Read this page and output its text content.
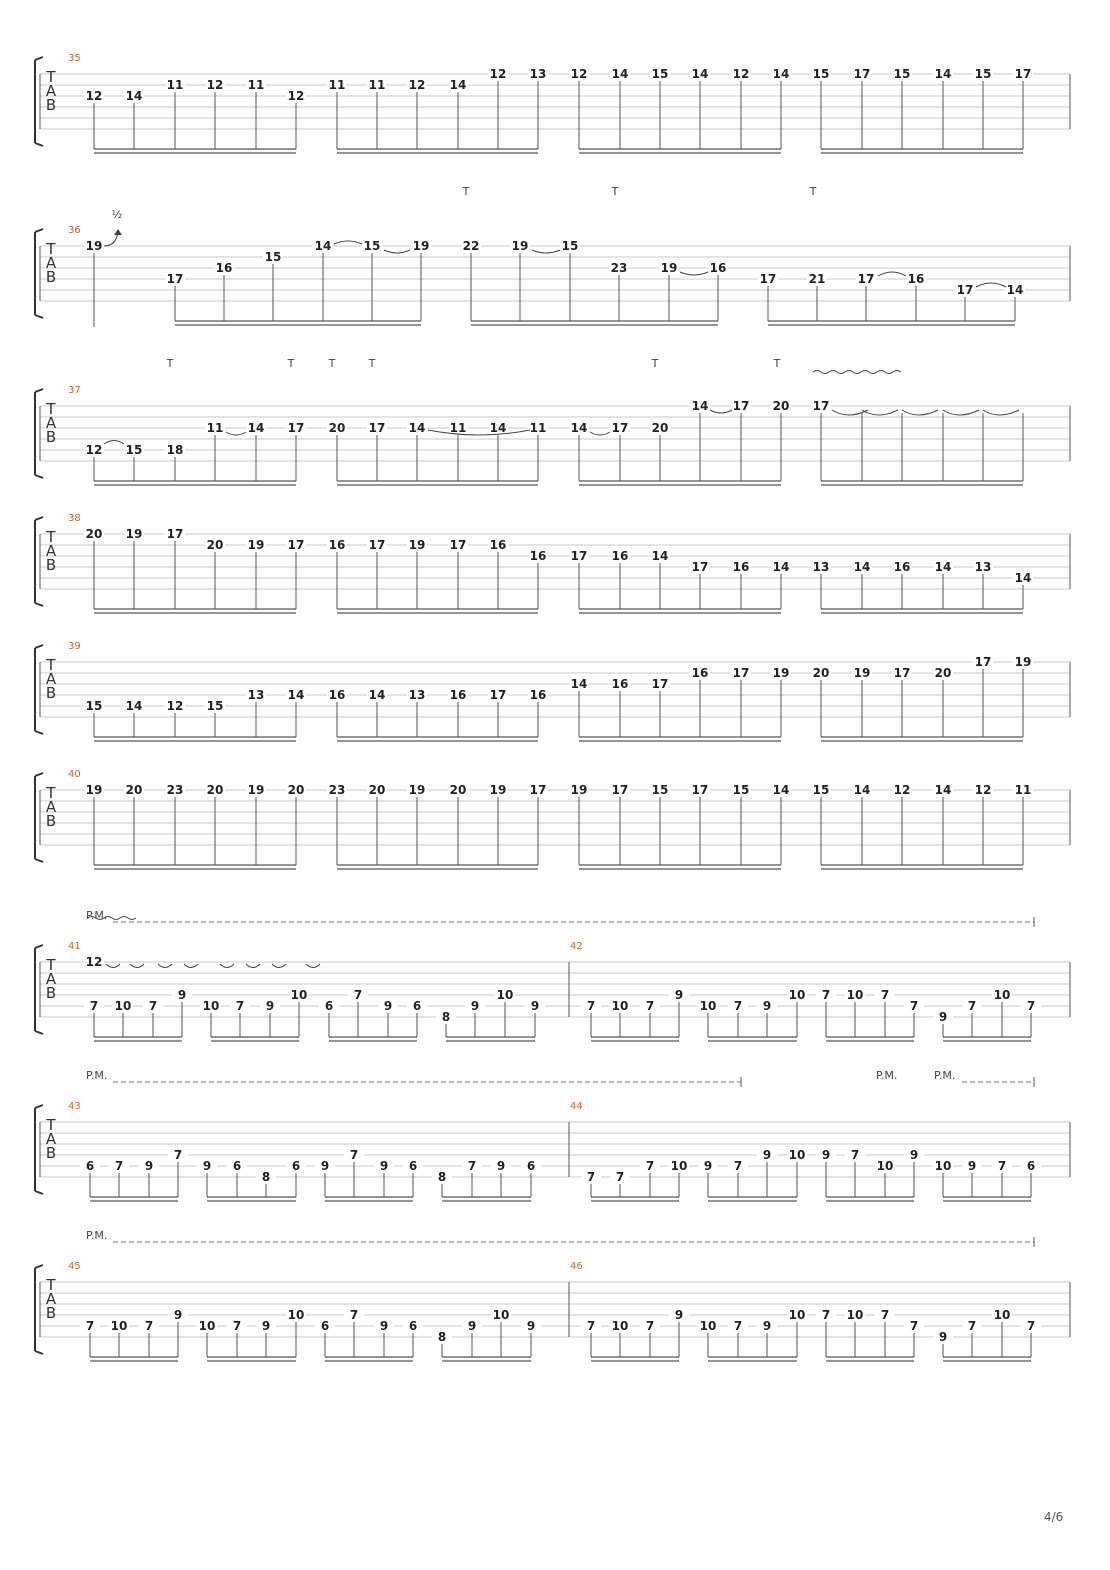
T
A
B
35
12 14
11 12 11
12
11 11 12 14
12 13 12 14 15 14 12 14 15 17 15 14 15 17
T
A
B
36
19
17
16
15
14	15	19	22	19	15
23	19	16
17	21	17	16
17	14
T	T	T
½
T
A
B
37
12 15 18
11 14 17 20 17 14 11 14 11 14 17 20
14 17 20 17
T	T	T	T	T	T
T
A
B
38
20 19 17
20 19 17 16 17 19 17 16
16 17 16 14
17 16 14 13 14 16 14 13
14
T
A
B
39
15 14 12 15
13 14 16 14 13 16 17 16
14 16 17
16 17 19 20 19 17 20
17 19
T
A
B
40
19 20 23 20 19 20 23 20 19 20 19 17 19 17 15 17 15 14 15 14 12 14 12 11
T
A
B
41	42
7 10 7
9
10 7 9
10
6
7
9 6
8
9
10
9	7 10 7
9
10 7 9
10 7 10 7
7
9
7
10
7
P.M.
12
T
A
B
43	44
6 7 9
7
9 6
8
6 9
7
9 6
8
7 9 6
7 7
7 10 9 7
9 10 9 7
10
9
10 9 7 6
P.M.	P.M.	P.M.
T
A
B
45	46
7 10 7
9
10 7 9
10
6
7
9 6
8
9
10
9	7 10 7
9
10 7 9
10 7 10 7
7
9
7
10
7
P.M.
4/6
